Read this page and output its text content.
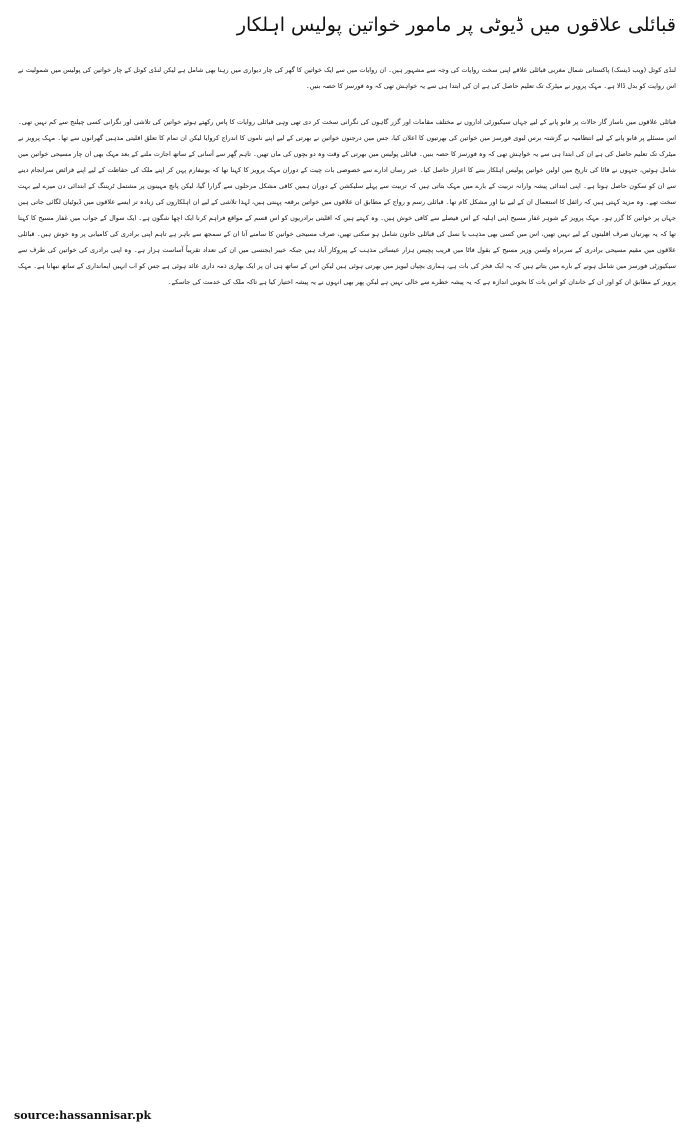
قبائلی علاقوں میں ڈیوٹی پر مامور خواتین پولیس اہلکار

لنڈی کوتل (ویب ڈیسک) پاکستانی شمال مغربی قبائلی علاقے اپنی سخت روایات کی وجہ سے مشہور ہیں۔ ان روایات میں سے ایک خواتین کا گھر کی چار دیواری میں رہنا بھی شامل ہے لیکن لنڈی کوتل کے چار خواتین کی پولیس میں شمولیت نے اس روایت کو بدل ڈالا ہے۔ مہک پرویز نے میٹرک تک تعلیم حاصل کی ہے ان کی ابتدا ہی سے یہ خواہش تھی کہ وہ فورسز کا حصہ بنیں۔

قبائلی علاقوں میں ناساز گار حالات پر قابو پانے کے لیے جہاں سیکیورٹی اداروں نے مختلف مقامات اور گزر گاہوں کی نگرانی سخت کر دی تھی وہی قبائلی روایات کا پاس رکھتے ہوئے خواتین کی تلاشی اور نگرانی کسی چیلنج سے کم نہیں تھی۔ اس مسئلے پر قابو پانے کے لیے انتظامیہ نے گزشتہ برس لیوی فورسز میں خواتین کی بھرتیوں کا اعلان کیا، جس میں درجنوں خواتین نے بھرتی کے لیے اپنے ناموں کا اندراج کروایا لیکن ان تمام کا تعلق اقلیتی مذہبی گھرانوں سے تھا۔ مہک پرویز نے میٹرک تک تعلیم حاصل کی ہے ان کی ابتدا ہی سے یہ خواہش تھی کہ وہ فورسز کا حصہ بنیں۔ قبائلی پولیس میں بھرتی کے وقت وہ دو بچوں کی ماں تھیں۔ تاہم گھر سے آسانی کے ساتھ اجازت ملنے کے بعد مہک بھی ان چار مسیحی خواتین میں شامل ہوئیں، جنہوں نے فاٹا کی تاریخ میں اولین خواتین پولیس اہلکار بننے کا اعزاز حاصل کیا۔ خبر رساں ادارے سے خصوصی بات چیت کے دوران مہک پرویز کا کہنا تھا کہ یونیفارم پہن کر اپنے ملک کی حفاظت کے لیے اپنے فرائض سرانجام دینے سے ان کو سکون حاصل ہوتا ہے۔ اپنی ابتدائی پیشہ وارانہ تربیت کے بارے میں مہک بتاتی ہیں کہ تربیت سے پہلے سلیکشن کے دوران ہمیں کافی مشکل مرحلوں سے گزارا گیا، لیکن پانچ مہینوں پر مشتمل ٹریننگ کے ابتدائی دن میرے لیے بہت سخت تھے۔ وہ مزید کہتی ہیں کہ رائفل کا استعمال ان کے لیے نیا اور مشکل کام تھا۔ قبائلی رسم و رواج کے مطابق ان علاقوں میں خواتین برقعہ پہنتی ہیں، لہذا تلاشی کے لیے ان اہلکاروں کی زیادہ تر ایسے علاقوں میں ڈیوٹیاں لگائی جاتی ہیں جہاں پر خواتین کا گزر ہو۔ مہک پرویز کے شوہر غفار مسیح اپنی اہلیہ کے اس فیصلے سے کافی خوش ہیں۔ وہ کہتے ہیں کہ اقلیتی برادریوں کو اس قسم کے مواقع فراہم کرنا ایک اچھا شگون ہے۔ ایک سوال کے جواب میں غفار مسیح کا کہنا تھا کہ یہ بھرتیاں صرف اقلیتوں کے لیے نہیں تھیں، اس میں کسی بھی مذہب یا نسل کی قبائلی خاتون شامل ہو سکتی تھیں، صرف مسیحی خواتین کا سامنے آنا ان کے سمجھ سے باہر ہے تاہم اپنی برادری کی کامیابی پر وہ خوش ہیں۔ قبائلی علاقوں میں مقیم مسیحی برادری کے سربراہ ولسن وزیر مسیح کے بقول فاٹا میں قریب پچیس ہزار عیسائی مذہب کے پیروکار آباد ہیں جبکہ خیبر ایجنسی میں ان کی تعداد تقریباً آساست ہزار ہے۔ وہ اپنی برادری کی خواتین کی طرف سے سیکیورٹی فورسز میں شامل ہونے کے بارے میں بتاتے ہیں کہ یہ ایک فخر کی بات ہے، ہماری بچیاں لیویز میں بھرتی ہوئی ہیں لیکن اس کے ساتھ ہی ان پر ایک بھاری ذمہ داری عائد ہوئی ہے جس کو اب انہیں ایمانداری کے ساتھ نبھانا ہے۔ مہک پرویز کے مطابق ان کو اور ان کے خاندان کو اس بات کا بخوبی اندازہ ہے کہ یہ پیشہ خطرے سے خالی نہیں ہے لیکن پھر بھی انہوں نے یہ پیشہ اختیار کیا ہے تاکہ ملک کی خدمت کی جاسکے۔

source:hassannisar.pk
